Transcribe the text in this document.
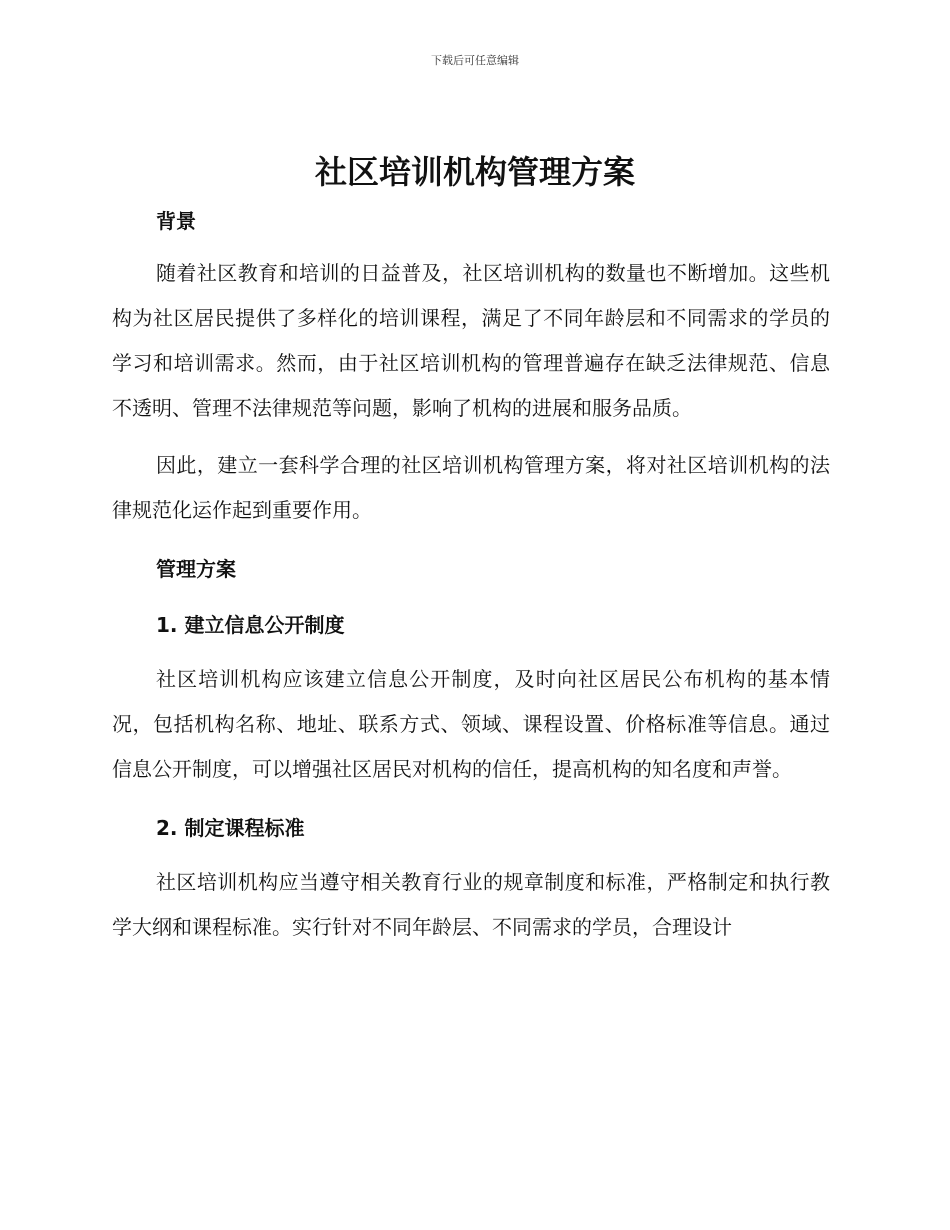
下载后可任意编辑
社区培训机构管理方案
背景

随着社区教育和培训的日益普及，社区培训机构的数量也不断增加。这些机构为社区居民提供了多样化的培训课程，满足了不同年龄层和不同需求的学员的学习和培训需求。然而，由于社区培训机构的管理普遍存在缺乏法律规范、信息不透明、管理不法律规范等问题，影响了机构的进展和服务品质。

因此，建立一套科学合理的社区培训机构管理方案，将对社区培训机构的法律规范化运作起到重要作用。

管理方案
1. 建立信息公开制度

社区培训机构应该建立信息公开制度，及时向社区居民公布机构的基本情况，包括机构名称、地址、联系方式、领域、课程设置、价格标准等信息。通过信息公开制度，可以增强社区居民对机构的信任，提高机构的知名度和声誉。

2. 制定课程标准

社区培训机构应当遵守相关教育行业的规章制度和标准，严格制定和执行教学大纲和课程标准。实行针对不同年龄层、不同需求的学员，合理设计
